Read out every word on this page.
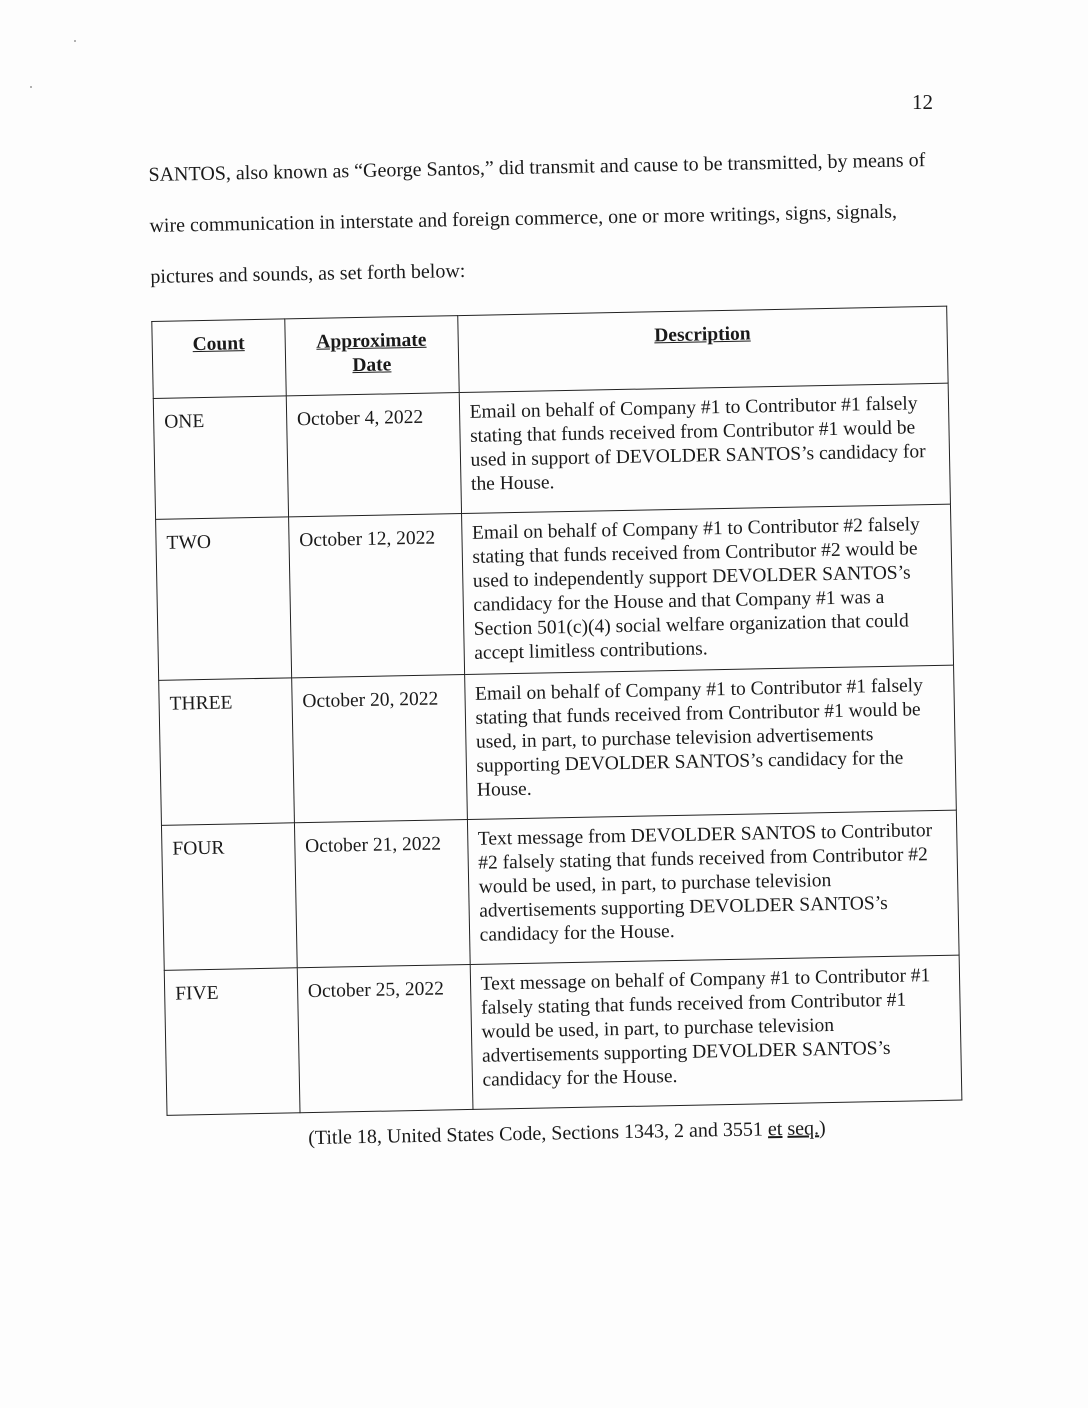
12

SANTOS, also known as “George Santos,” did transmit and cause to be transmitted, by means of wire communication in interstate and foreign commerce, one or more writings, signs, signals, pictures and sounds, as set forth below:

Count	Approximate Date	Description
ONE	October 4, 2022	Email on behalf of Company #1 to Contributor #1 falsely stating that funds received from Contributor #1 would be used in support of DEVOLDER SANTOS’s candidacy for the House.
TWO	October 12, 2022	Email on behalf of Company #1 to Contributor #2 falsely stating that funds received from Contributor #2 would be used to independently support DEVOLDER SANTOS’s candidacy for the House and that Company #1 was a Section 501(c)(4) social welfare organization that could accept limitless contributions.
THREE	October 20, 2022	Email on behalf of Company #1 to Contributor #1 falsely stating that funds received from Contributor #1 would be used, in part, to purchase television advertisements supporting DEVOLDER SANTOS’s candidacy for the House.
FOUR	October 21, 2022	Text message from DEVOLDER SANTOS to Contributor #2 falsely stating that funds received from Contributor #2 would be used, in part, to purchase television advertisements supporting DEVOLDER SANTOS’s candidacy for the House.
FIVE	October 25, 2022	Text message on behalf of Company #1 to Contributor #1 falsely stating that funds received from Contributor #1 would be used, in part, to purchase television advertisements supporting DEVOLDER SANTOS’s candidacy for the House.
(Title 18, United States Code, Sections 1343, 2 and 3551 et seq.)
